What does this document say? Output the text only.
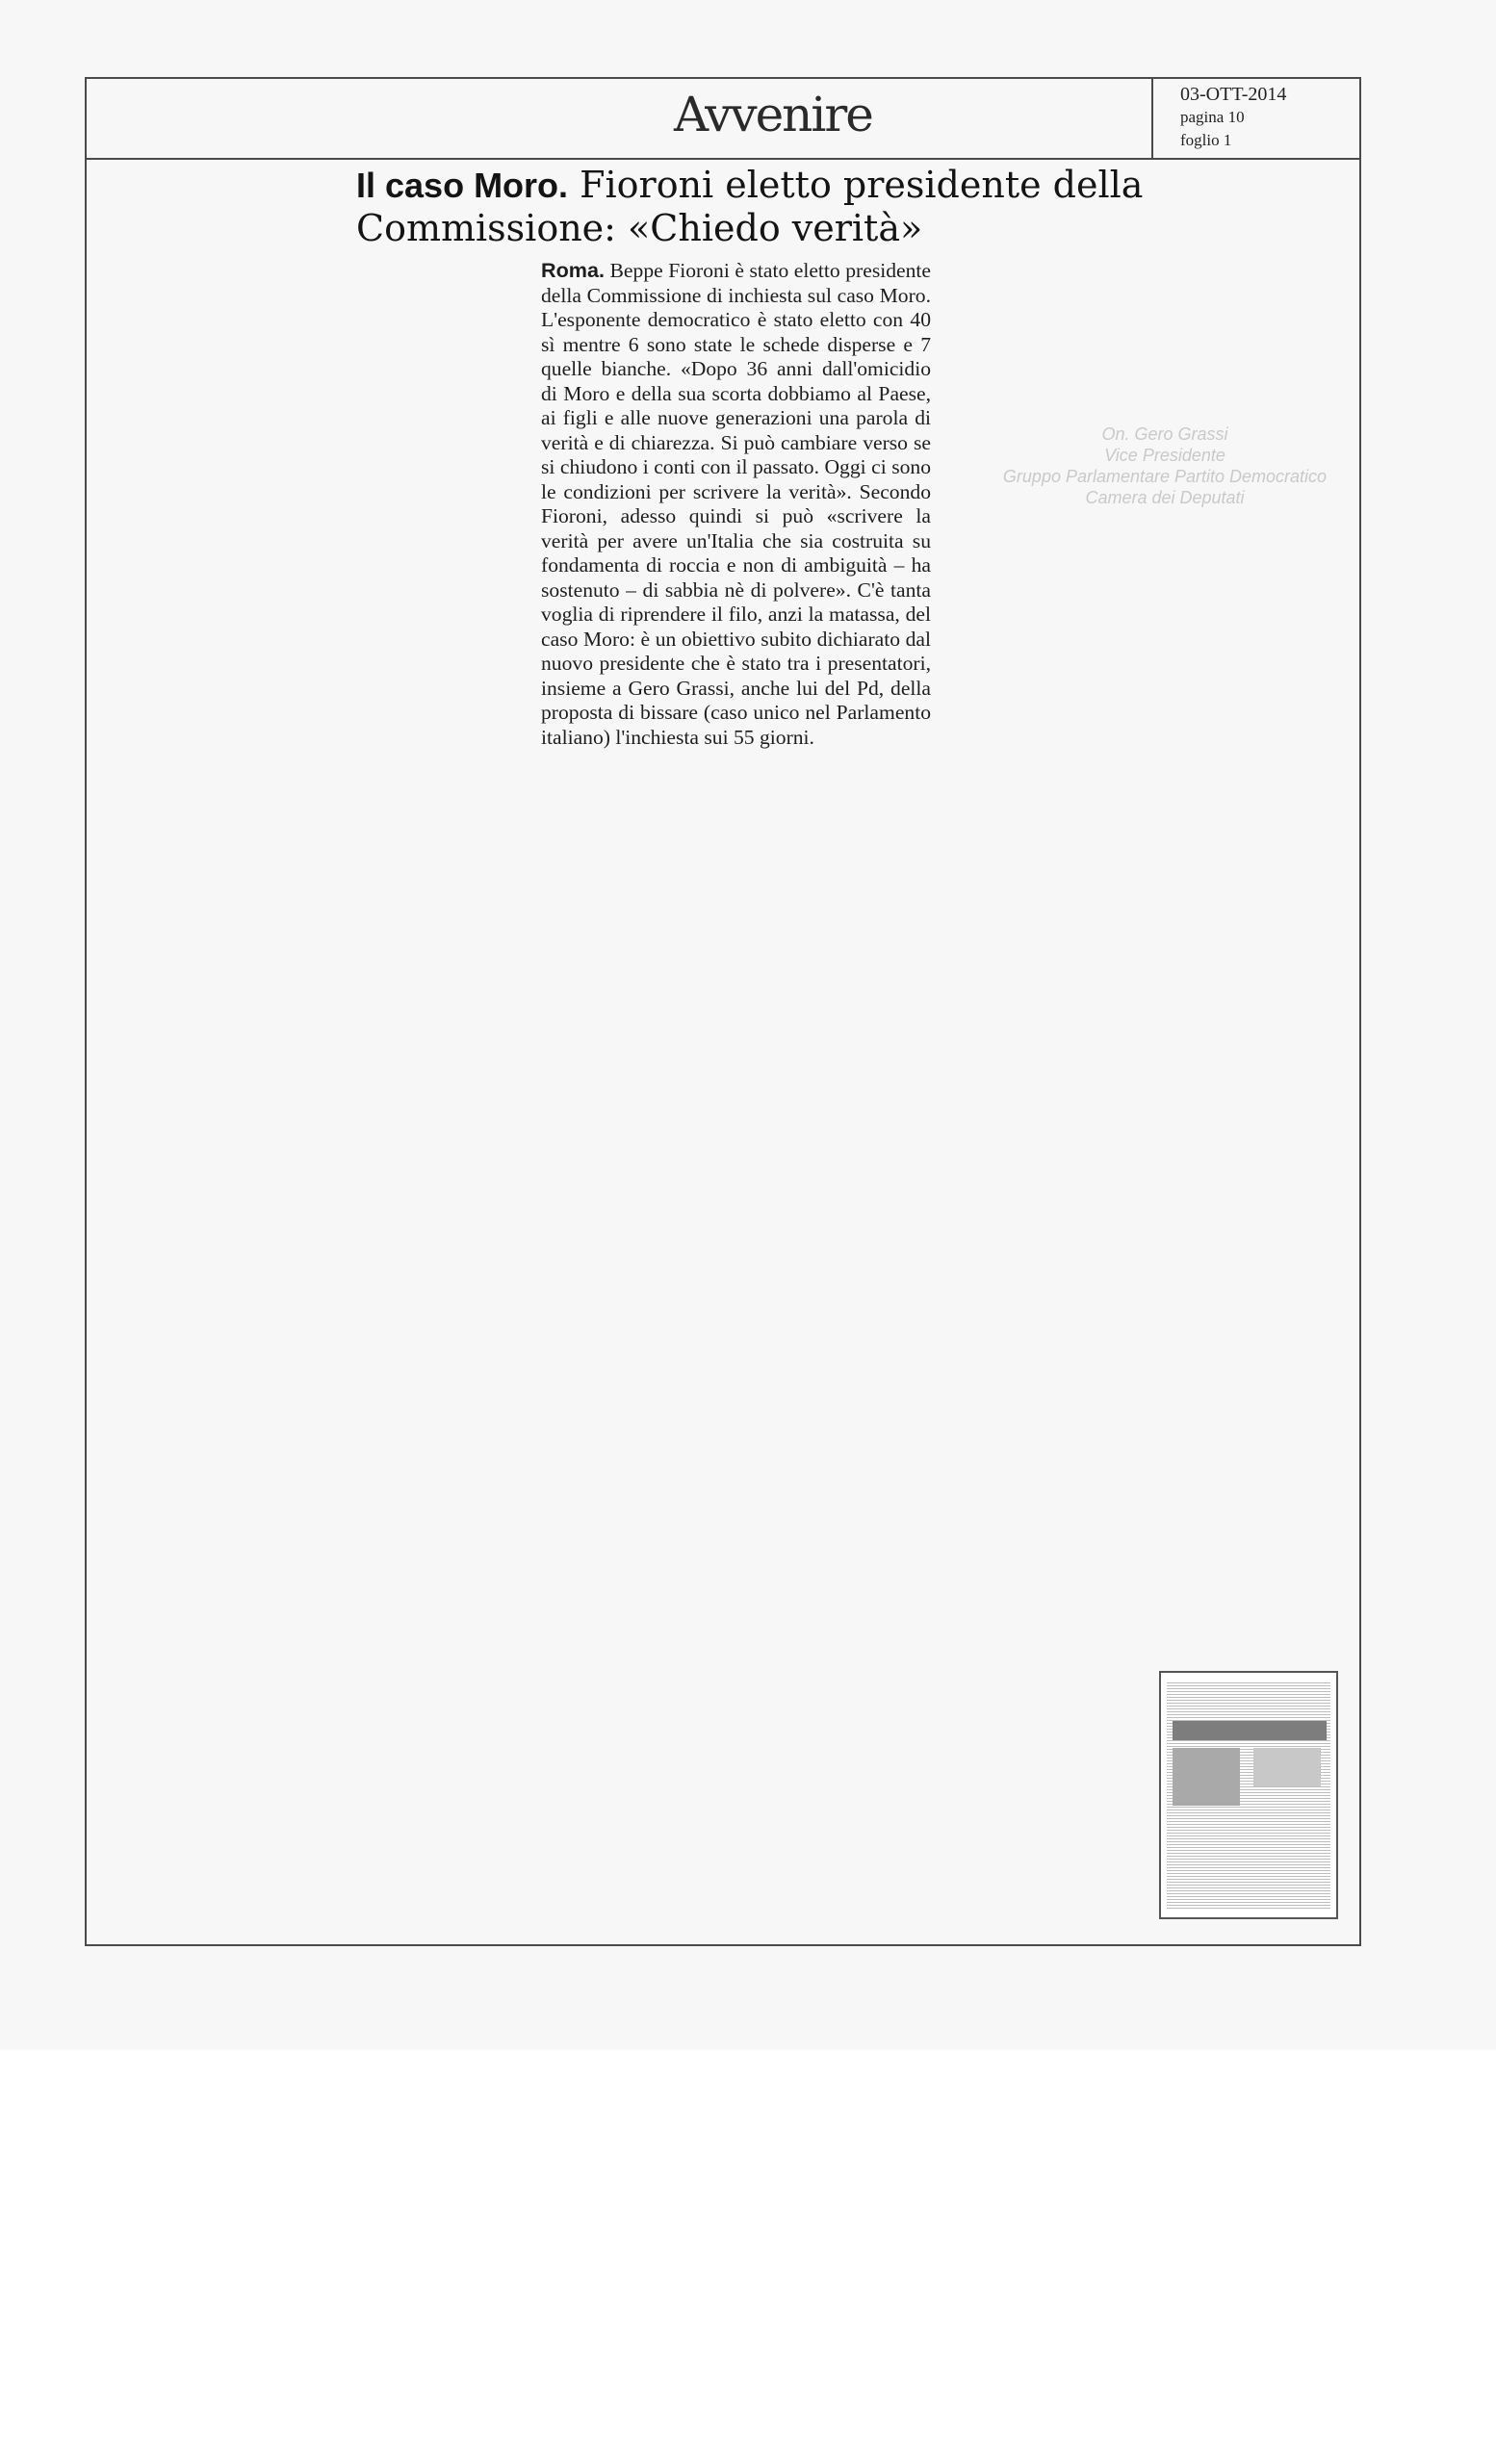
Avvenire	03-OTT-2014
pagina 10
foglio 1
Il caso Moro. Fioroni eletto presidente della Commissione: «Chiedo verità»
Roma. Beppe Fioroni è stato eletto presidente della Commissione di inchiesta sul caso Moro. L'esponente democratico è stato eletto con 40 sì mentre 6 sono state le schede disperse e 7 quelle bianche. «Dopo 36 anni dall'omicidio di Moro e della sua scorta dobbiamo al Paese, ai figli e alle nuove generazioni una parola di verità e di chiarezza. Si può cambiare verso se si chiudono i conti con il passato. Oggi ci sono le condizioni per scrivere la verità». Secondo Fioroni, adesso quindi si può «scrivere la verità per avere un'Italia che sia costruita su fondamenta di roccia e non di ambiguità – ha sostenuto – di sabbia nè di polvere». C'è tanta voglia di riprendere il filo, anzi la matassa, del caso Moro: è un obiettivo subito dichiarato dal nuovo presidente che è stato tra i presentatori, insieme a Gero Grassi, anche lui del Pd, della proposta di bissare (caso unico nel Parlamento italiano) l'inchiesta sui 55 giorni.
On. Gero Grassi
Vice Presidente
Gruppo Parlamentare Partito Democratico
Camera dei Deputati
